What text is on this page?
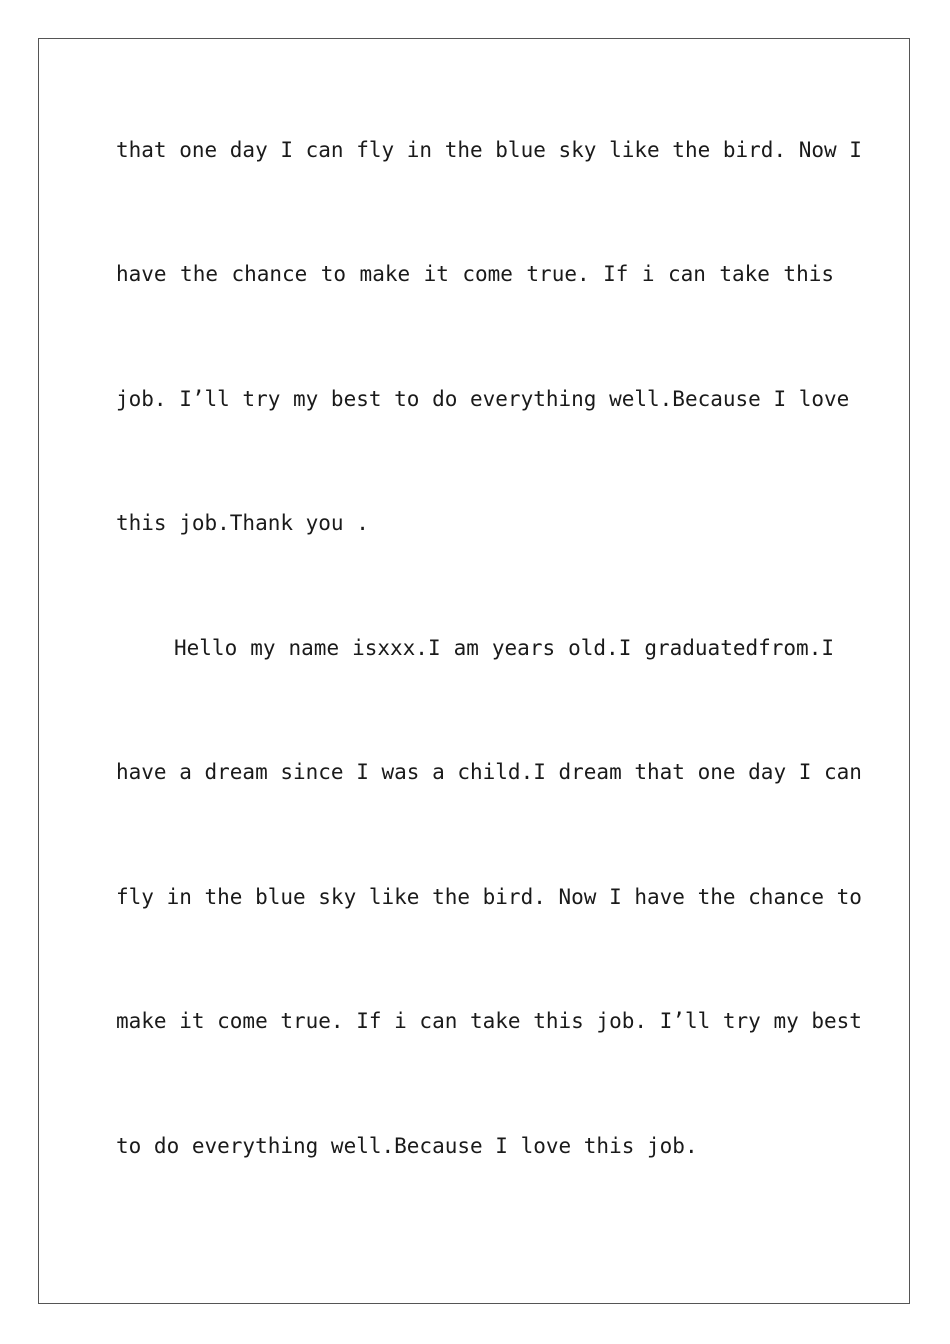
that one day I can fly in the blue sky like the bird. Now I
have the chance to make it come true. If i can take this
job. I’ll try my best to do everything well.Because I love
this job.Thank you .
Hello my name isxxx.I am years old.I graduatedfrom.I
have a dream since I was a child.I dream that one day I can
fly in the blue sky like the bird. Now I have the chance to
make it come true. If i can take this job. I’ll try my best
to do everything well.Because I love this job.
